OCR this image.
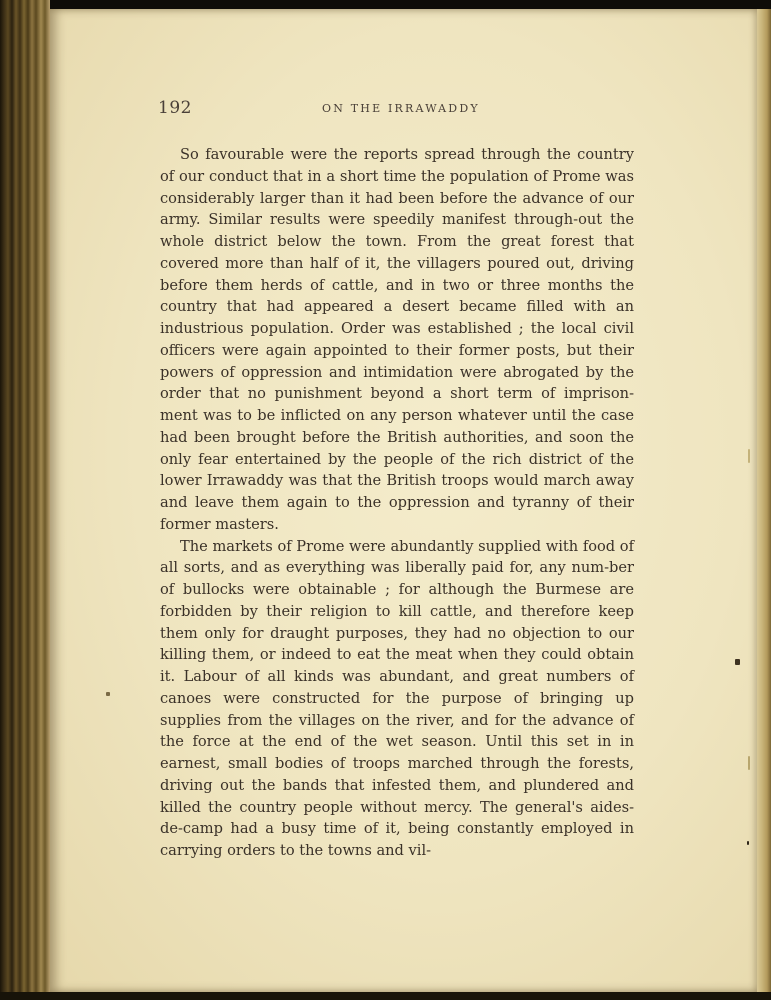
192	ON THE IRRAWADDY

So favourable were the reports spread through the country of our conduct that in a short time the population of Prome was considerably larger than it had been before the advance of our army. Similar results were speedily manifest through-out the whole district below the town. From the great forest that covered more than half of it, the villagers poured out, driving before them herds of cattle, and in two or three months the country that had appeared a desert became filled with an industrious population. Order was established ; the local civil officers were again appointed to their former posts, but their powers of oppression and intimidation were abrogated by the order that no punishment beyond a short term of imprison-ment was to be inflicted on any person whatever until the case had been brought before the British authorities, and soon the only fear entertained by the people of the rich district of the lower Irrawaddy was that the British troops would march away and leave them again to the oppression and tyranny of their former masters.

The markets of Prome were abundantly supplied with food of all sorts, and as everything was liberally paid for, any num-ber of bullocks were obtainable ; for although the Burmese are forbidden by their religion to kill cattle, and therefore keep them only for draught purposes, they had no objection to our killing them, or indeed to eat the meat when they could obtain it. Labour of all kinds was abundant, and great numbers of canoes were constructed for the purpose of bringing up supplies from the villages on the river, and for the advance of the force at the end of the wet season. Until this set in in earnest, small bodies of troops marched through the forests, driving out the bands that infested them, and plundered and killed the country people without mercy. The general's aides-de-camp had a busy time of it, being constantly employed in carrying orders to the towns and vil-
